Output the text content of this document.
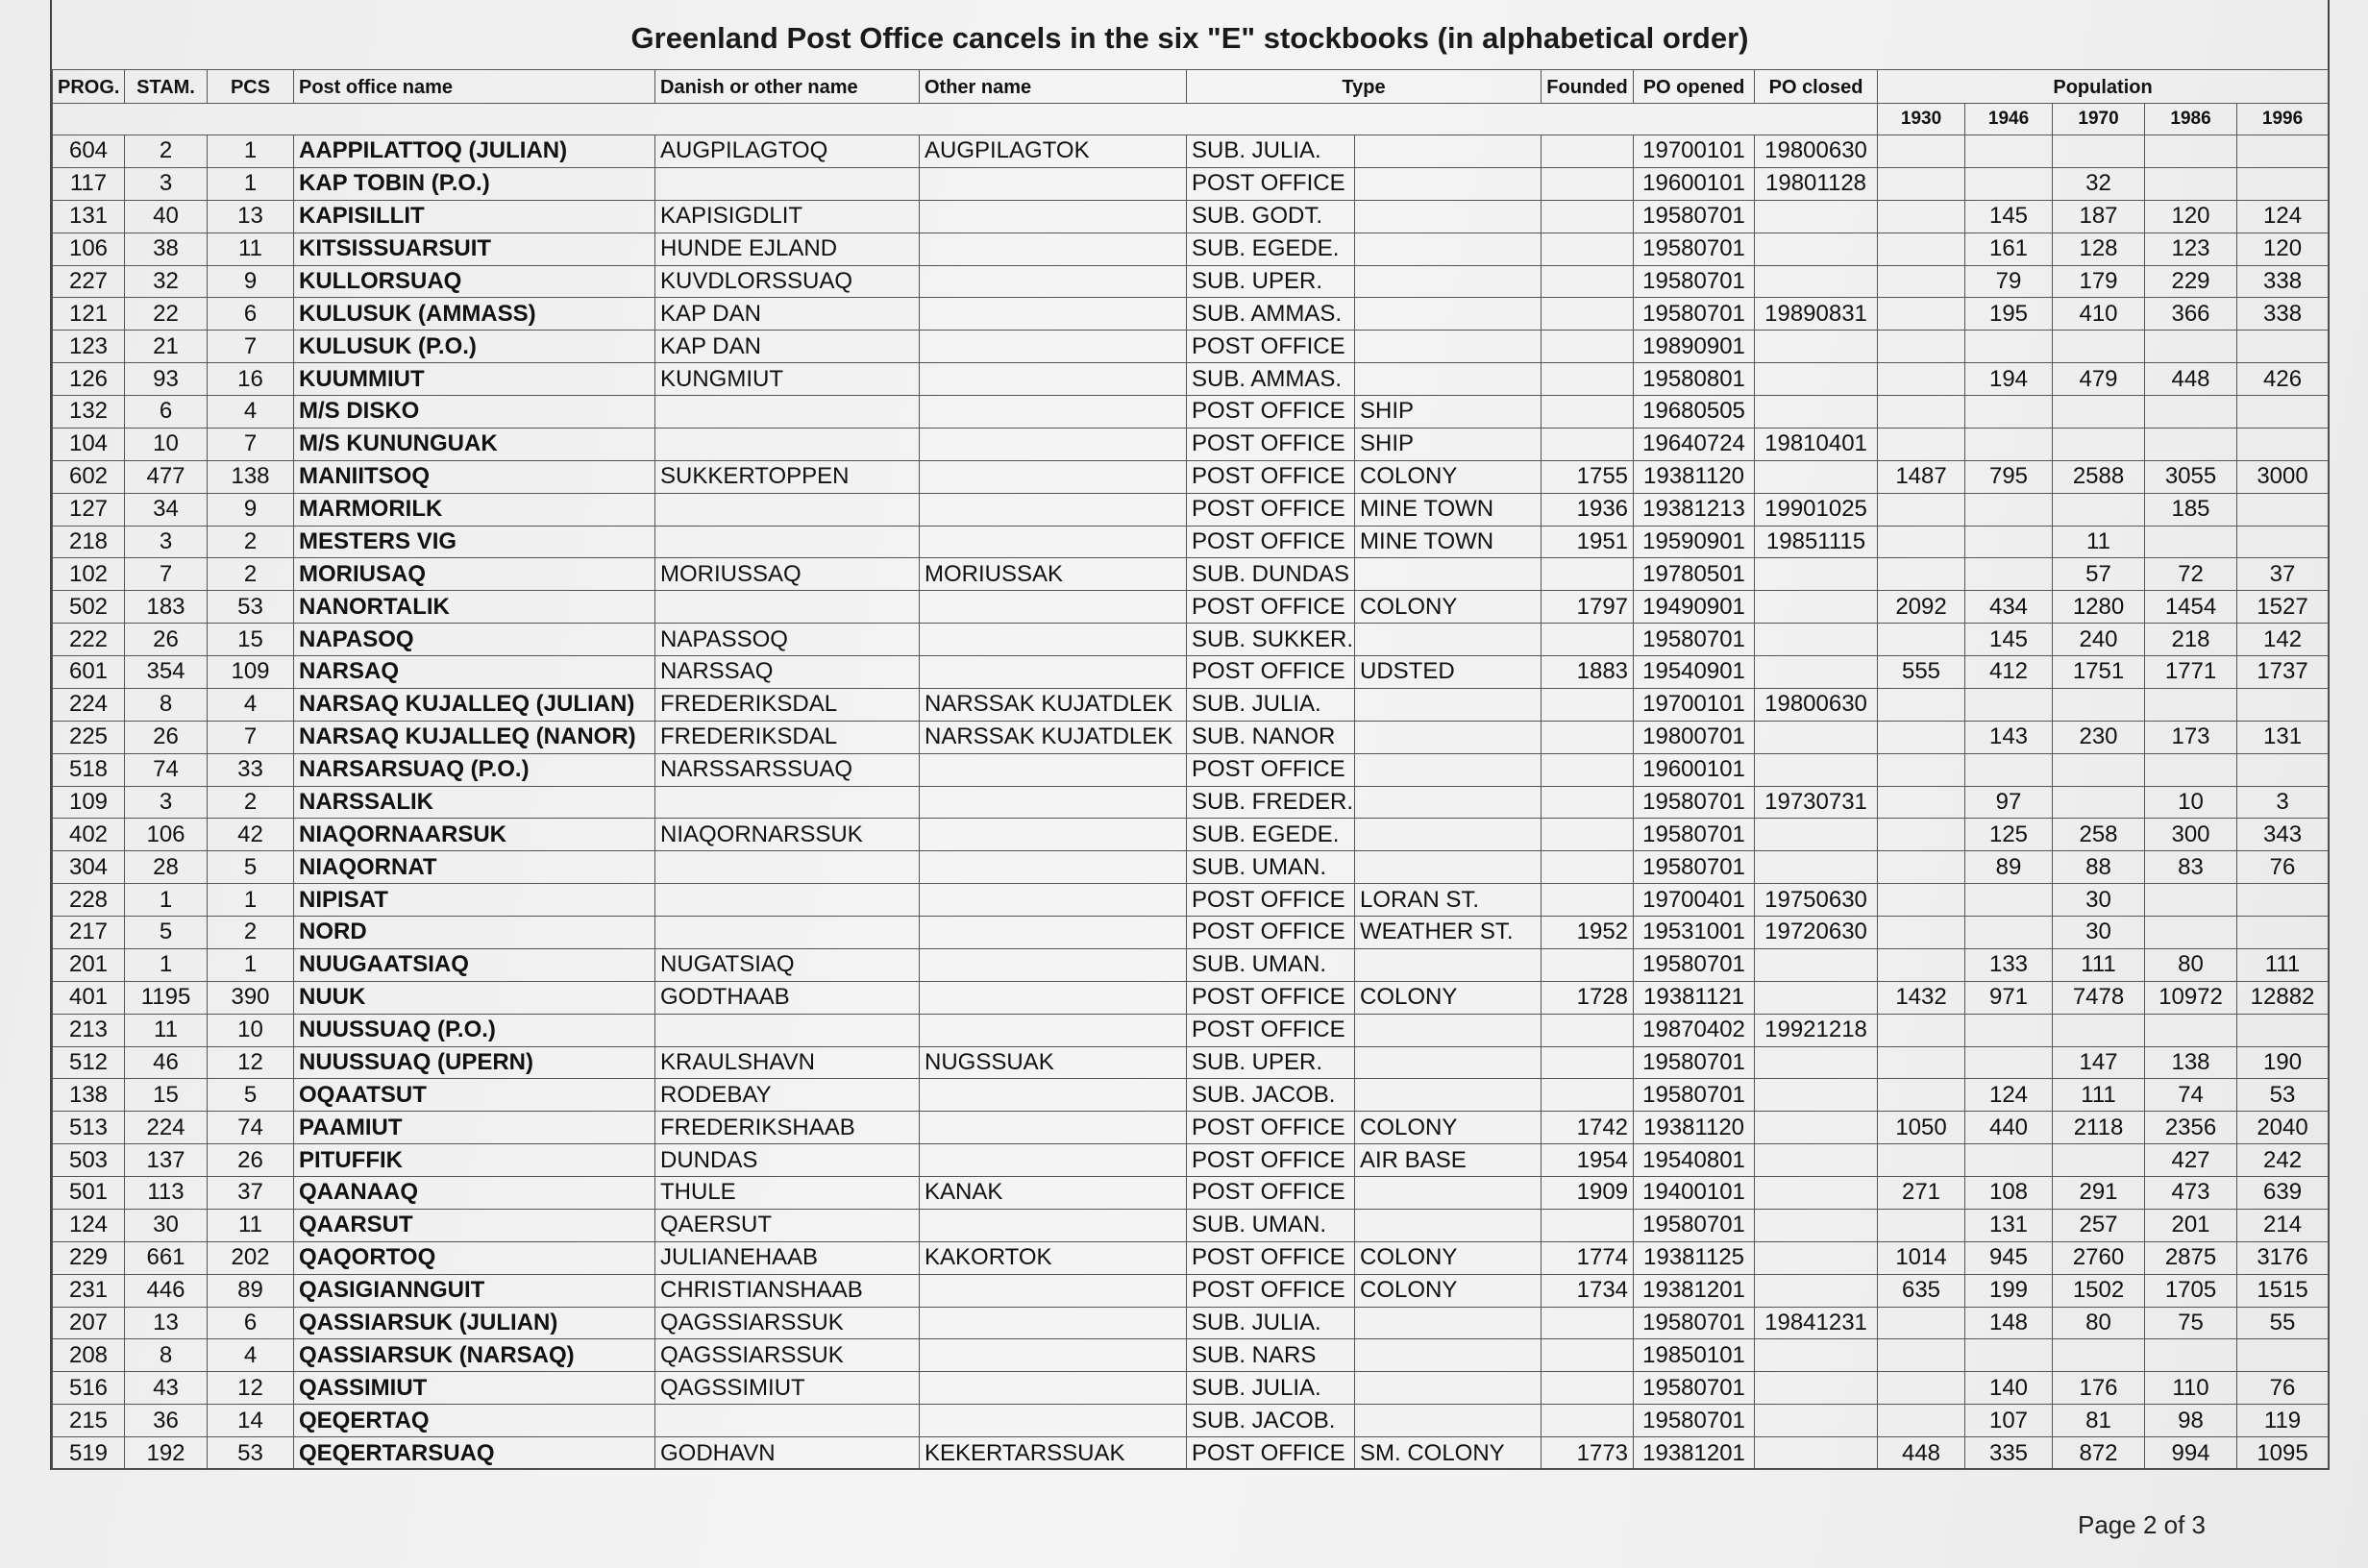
Greenland Post Office cancels in the six "E" stockbooks (in alphabetical order)
PROG.	STAM.	PCS	Post office name	Danish or other name	Other name	Type		Founded	PO opened	PO closed	Population				
											1930	1946	1970	1986	1996
604	2	1	AAPPILATTOQ (JULIAN)	AUGPILAGTOQ	AUGPILAGTOK	SUB. JULIA.			19700101	19800630					
117	3	1	KAP TOBIN (P.O.)			POST OFFICE			19600101	19801128			32		
131	40	13	KAPISILLIT	KAPISIGDLIT		SUB. GODT.			19580701			145	187	120	124
106	38	11	KITSISSUARSUIT	HUNDE EJLAND		SUB. EGEDE.			19580701			161	128	123	120
227	32	9	KULLORSUAQ	KUVDLORSSUAQ		SUB. UPER.			19580701			79	179	229	338
121	22	6	KULUSUK (AMMASS)	KAP DAN		SUB. AMMAS.			19580701	19890831		195	410	366	338
123	21	7	KULUSUK (P.O.)	KAP DAN		POST OFFICE			19890901						
126	93	16	KUUMMIUT	KUNGMIUT		SUB. AMMAS.			19580801			194	479	448	426
132	6	4	M/S DISKO			POST OFFICE	SHIP		19680505						
104	10	7	M/S KUNUNGUAK			POST OFFICE	SHIP		19640724	19810401					
602	477	138	MANIITSOQ	SUKKERTOPPEN		POST OFFICE	COLONY	1755	19381120		1487	795	2588	3055	3000
127	34	9	MARMORILK			POST OFFICE	MINE TOWN	1936	19381213	19901025				185	
218	3	2	MESTERS VIG			POST OFFICE	MINE TOWN	1951	19590901	19851115			11		
102	7	2	MORIUSAQ	MORIUSSAQ	MORIUSSAK	SUB. DUNDAS			19780501				57	72	37
502	183	53	NANORTALIK			POST OFFICE	COLONY	1797	19490901		2092	434	1280	1454	1527
222	26	15	NAPASOQ	NAPASSOQ		SUB. SUKKER.			19580701			145	240	218	142
601	354	109	NARSAQ	NARSSAQ		POST OFFICE	UDSTED	1883	19540901		555	412	1751	1771	1737
224	8	4	NARSAQ KUJALLEQ (JULIAN)	FREDERIKSDAL	NARSSAK KUJATDLEK	SUB. JULIA.			19700101	19800630					
225	26	7	NARSAQ KUJALLEQ (NANOR)	FREDERIKSDAL	NARSSAK KUJATDLEK	SUB. NANOR			19800701			143	230	173	131
518	74	33	NARSARSUAQ (P.O.)	NARSSARSSUAQ		POST OFFICE			19600101						
109	3	2	NARSSALIK			SUB. FREDER.			19580701	19730731		97		10	3
402	106	42	NIAQORNAARSUK	NIAQORNARSSUK		SUB. EGEDE.			19580701			125	258	300	343
304	28	5	NIAQORNAT			SUB. UMAN.			19580701			89	88	83	76
228	1	1	NIPISAT			POST OFFICE	LORAN ST.		19700401	19750630			30		
217	5	2	NORD			POST OFFICE	WEATHER ST.	1952	19531001	19720630			30		
201	1	1	NUUGAATSIAQ	NUGATSIAQ		SUB. UMAN.			19580701			133	111	80	111
401	1195	390	NUUK	GODTHAAB		POST OFFICE	COLONY	1728	19381121		1432	971	7478	10972	12882
213	11	10	NUUSSUAQ (P.O.)			POST OFFICE			19870402	19921218					
512	46	12	NUUSSUAQ (UPERN)	KRAULSHAVN	NUGSSUAK	SUB. UPER.			19580701				147	138	190
138	15	5	OQAATSUT	RODEBAY		SUB. JACOB.			19580701			124	111	74	53
513	224	74	PAAMIUT	FREDERIKSHAAB		POST OFFICE	COLONY	1742	19381120		1050	440	2118	2356	2040
503	137	26	PITUFFIK	DUNDAS		POST OFFICE	AIR BASE	1954	19540801					427	242
501	113	37	QAANAAQ	THULE	KANAK	POST OFFICE		1909	19400101		271	108	291	473	639
124	30	11	QAARSUT	QAERSUT		SUB. UMAN.			19580701			131	257	201	214
229	661	202	QAQORTOQ	JULIANEHAAB	KAKORTOK	POST OFFICE	COLONY	1774	19381125		1014	945	2760	2875	3176
231	446	89	QASIGIANNGUIT	CHRISTIANSHAAB		POST OFFICE	COLONY	1734	19381201		635	199	1502	1705	1515
207	13	6	QASSIARSUK (JULIAN)	QAGSSIARSSUK		SUB. JULIA.			19580701	19841231		148	80	75	55
208	8	4	QASSIARSUK (NARSAQ)	QAGSSIARSSUK		SUB. NARS			19850101						
516	43	12	QASSIMIUT	QAGSSIMIUT		SUB. JULIA.			19580701			140	176	110	76
215	36	14	QEQERTAQ			SUB. JACOB.			19580701			107	81	98	119
519	192	53	QEQERTARSUAQ	GODHAVN	KEKERTARSSUAK	POST OFFICE	SM. COLONY	1773	19381201		448	335	872	994	1095
Page 2 of 3
